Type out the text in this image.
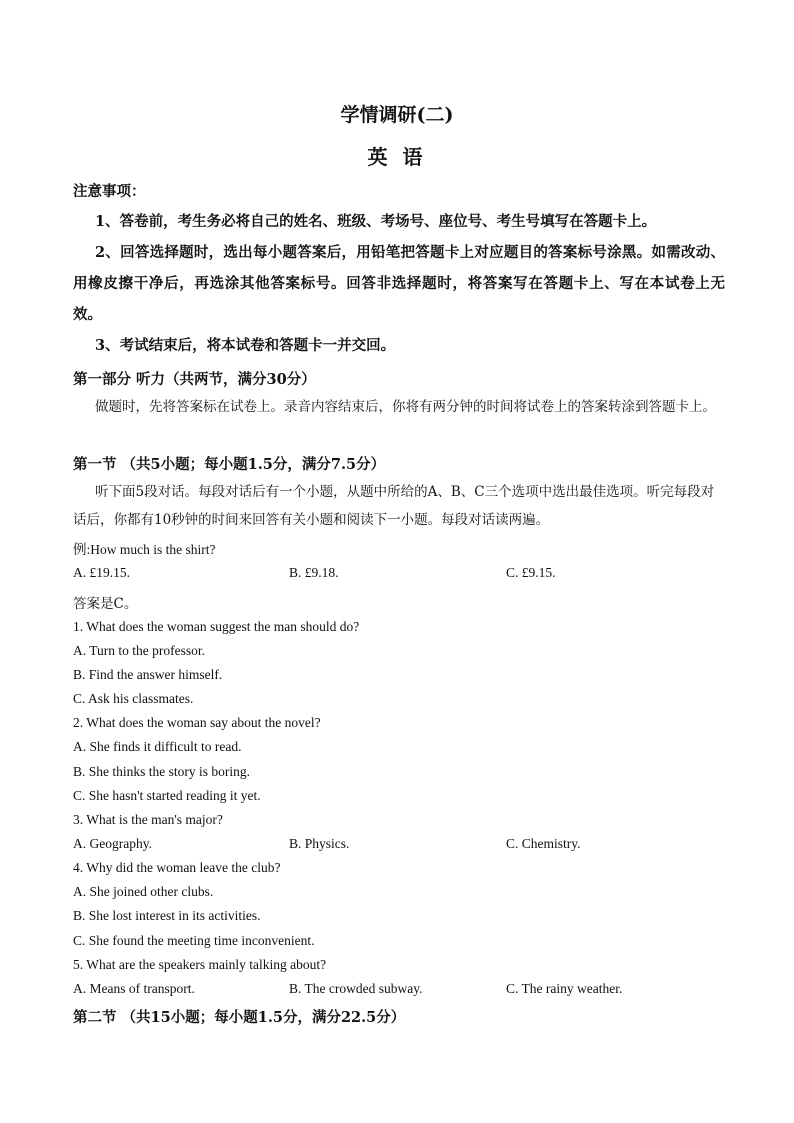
学情调研(二)
英 语
注意事项：
1、答卷前，考生务必将自己的姓名、班级、考场号、座位号、考生号填写在答题卡上。
2、回答选择题时，选出每小题答案后，用铅笔把答题卡上对应题目的答案标号涂黑。如需改动、用橡皮擦干净后，再选涂其他答案标号。回答非选择题时，将答案写在答题卡上、写在本试卷上无效。
3、考试结束后，将本试卷和答题卡一并交回。
第一部分 听力（共两节，满分30分）
做题时，先将答案标在试卷上。录音内容结束后，你将有两分钟的时间将试卷上的答案转涂到答题卡上。
第一节 （共5小题；每小题1.5分，满分7.5分）
听下面5段对话。每段对话后有一个小题，从题中所给的A、B、C三个选项中选出最佳选项。听完每段对话后，你都有10秒钟的时间来回答有关小题和阅读下一小题。每段对话读两遍。
例:How much is the shirt?
A. £19.15.	B. £9.18.	C. £9.15.
答案是C。
1. What does the woman suggest the man should do?
A. Turn to the professor.
B. Find the answer himself.
C. Ask his classmates.
2. What does the woman say about the novel?
A. She finds it difficult to read.
B. She thinks the story is boring.
C. She hasn't started reading it yet.
3. What is the man's major?
A. Geography.	B. Physics.	C. Chemistry.
4. Why did the woman leave the club?
A. She joined other clubs.
B. She lost interest in its activities.
C. She found the meeting time inconvenient.
5. What are the speakers mainly talking about?
A. Means of transport.	B. The crowded subway.	C. The rainy weather.
第二节 （共15小题；每小题1.5分，满分22.5分）
